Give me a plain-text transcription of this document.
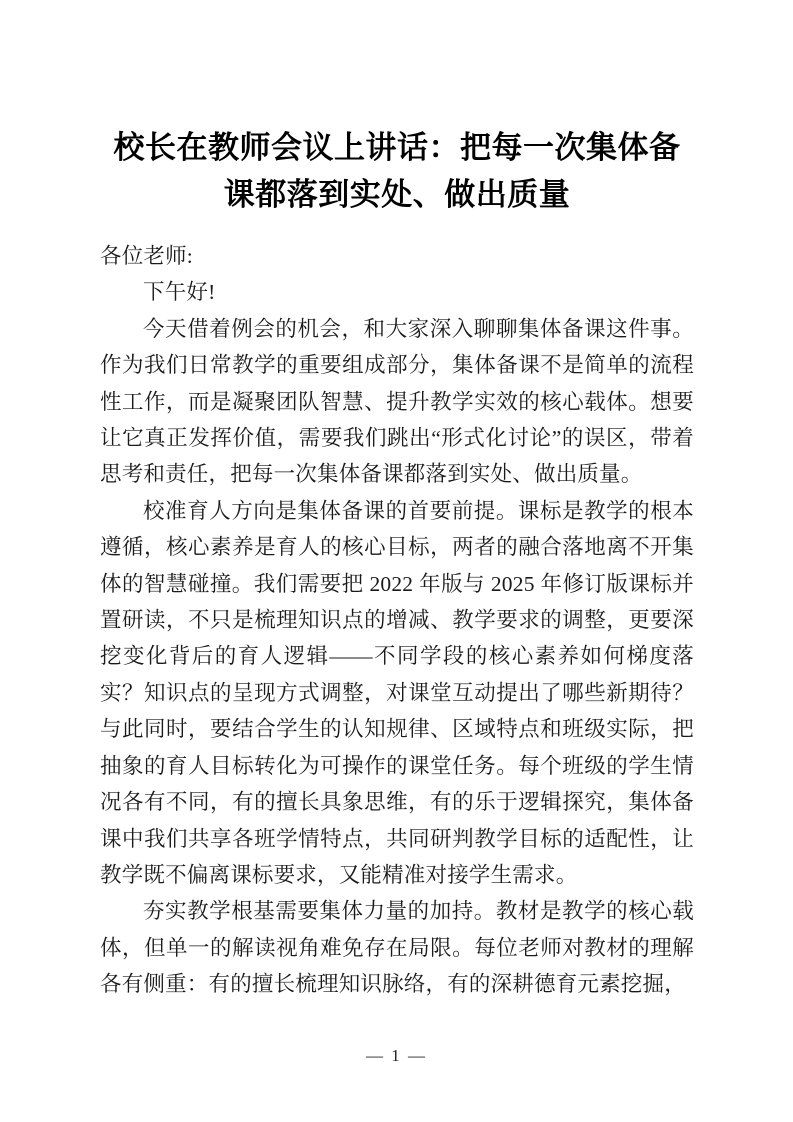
校长在教师会议上讲话：把每一次集体备课都落到实处、做出质量

各位老师:

下午好!

今天借着例会的机会，和大家深入聊聊集体备课这件事。作为我们日常教学的重要组成部分，集体备课不是简单的流程性工作，而是凝聚团队智慧、提升教学实效的核心载体。想要让它真正发挥价值，需要我们跳出“形式化讨论”的误区，带着思考和责任，把每一次集体备课都落到实处、做出质量。

校准育人方向是集体备课的首要前提。课标是教学的根本遵循，核心素养是育人的核心目标，两者的融合落地离不开集体的智慧碰撞。我们需要把 2022 年版与 2025 年修订版课标并置研读，不只是梳理知识点的增减、教学要求的调整，更要深挖变化背后的育人逻辑——不同学段的核心素养如何梯度落实？知识点的呈现方式调整，对课堂互动提出了哪些新期待？与此同时，要结合学生的认知规律、区域特点和班级实际，把抽象的育人目标转化为可操作的课堂任务。每个班级的学生情况各有不同，有的擅长具象思维，有的乐于逻辑探究，集体备课中我们共享各班学情特点，共同研判教学目标的适配性，让教学既不偏离课标要求，又能精准对接学生需求。

夯实教学根基需要集体力量的加持。教材是教学的核心载体，但单一的解读视角难免存在局限。每位老师对教材的理解各有侧重：有的擅长梳理知识脉络，有的深耕德育元素挖掘，

— 1 —
